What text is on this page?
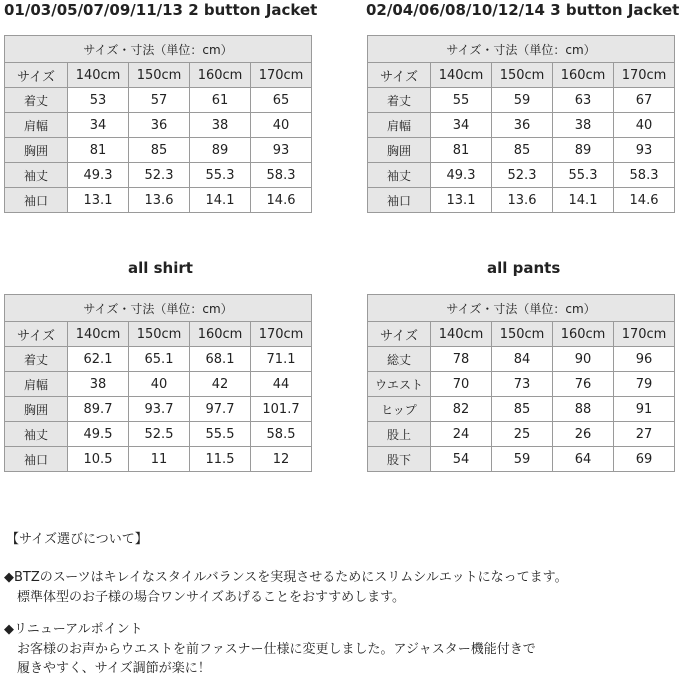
01/03/05/07/09/11/13 2 button Jacket	02/04/06/08/10/12/14 3 button Jacket
all shirt	all pants
サイズ・寸法（単位：cm）				
サイズ	140cm	150cm	160cm	170cm
着丈	53	57	61	65
肩幅	34	36	38	40
胸囲	81	85	89	93
袖丈	49.3	52.3	55.3	58.3
袖口	13.1	13.6	14.1	14.6
サイズ・寸法（単位：cm）				
サイズ	140cm	150cm	160cm	170cm
着丈	55	59	63	67
肩幅	34	36	38	40
胸囲	81	85	89	93
袖丈	49.3	52.3	55.3	58.3
袖口	13.1	13.6	14.1	14.6
サイズ・寸法（単位：cm）				
サイズ	140cm	150cm	160cm	170cm
着丈	62.1	65.1	68.1	71.1
肩幅	38	40	42	44
胸囲	89.7	93.7	97.7	101.7
袖丈	49.5	52.5	55.5	58.5
袖口	10.5	11	11.5	12
サイズ・寸法（単位：cm）				
サイズ	140cm	150cm	160cm	170cm
総丈	78	84	90	96
ウエスト	70	73	76	79
ヒップ	82	85	88	91
股上	24	25	26	27
股下	54	59	64	69
【サイズ選びについて】
◆BTZのスーツはキレイなスタイルバランスを実現させるためにスリムシルエットになってます。
標準体型のお子様の場合ワンサイズあげることをおすすめします。
◆リニューアルポイント
お客様のお声からウエストを前ファスナー仕様に変更しました。アジャスター機能付きで
履きやすく、サイズ調節が楽に！
